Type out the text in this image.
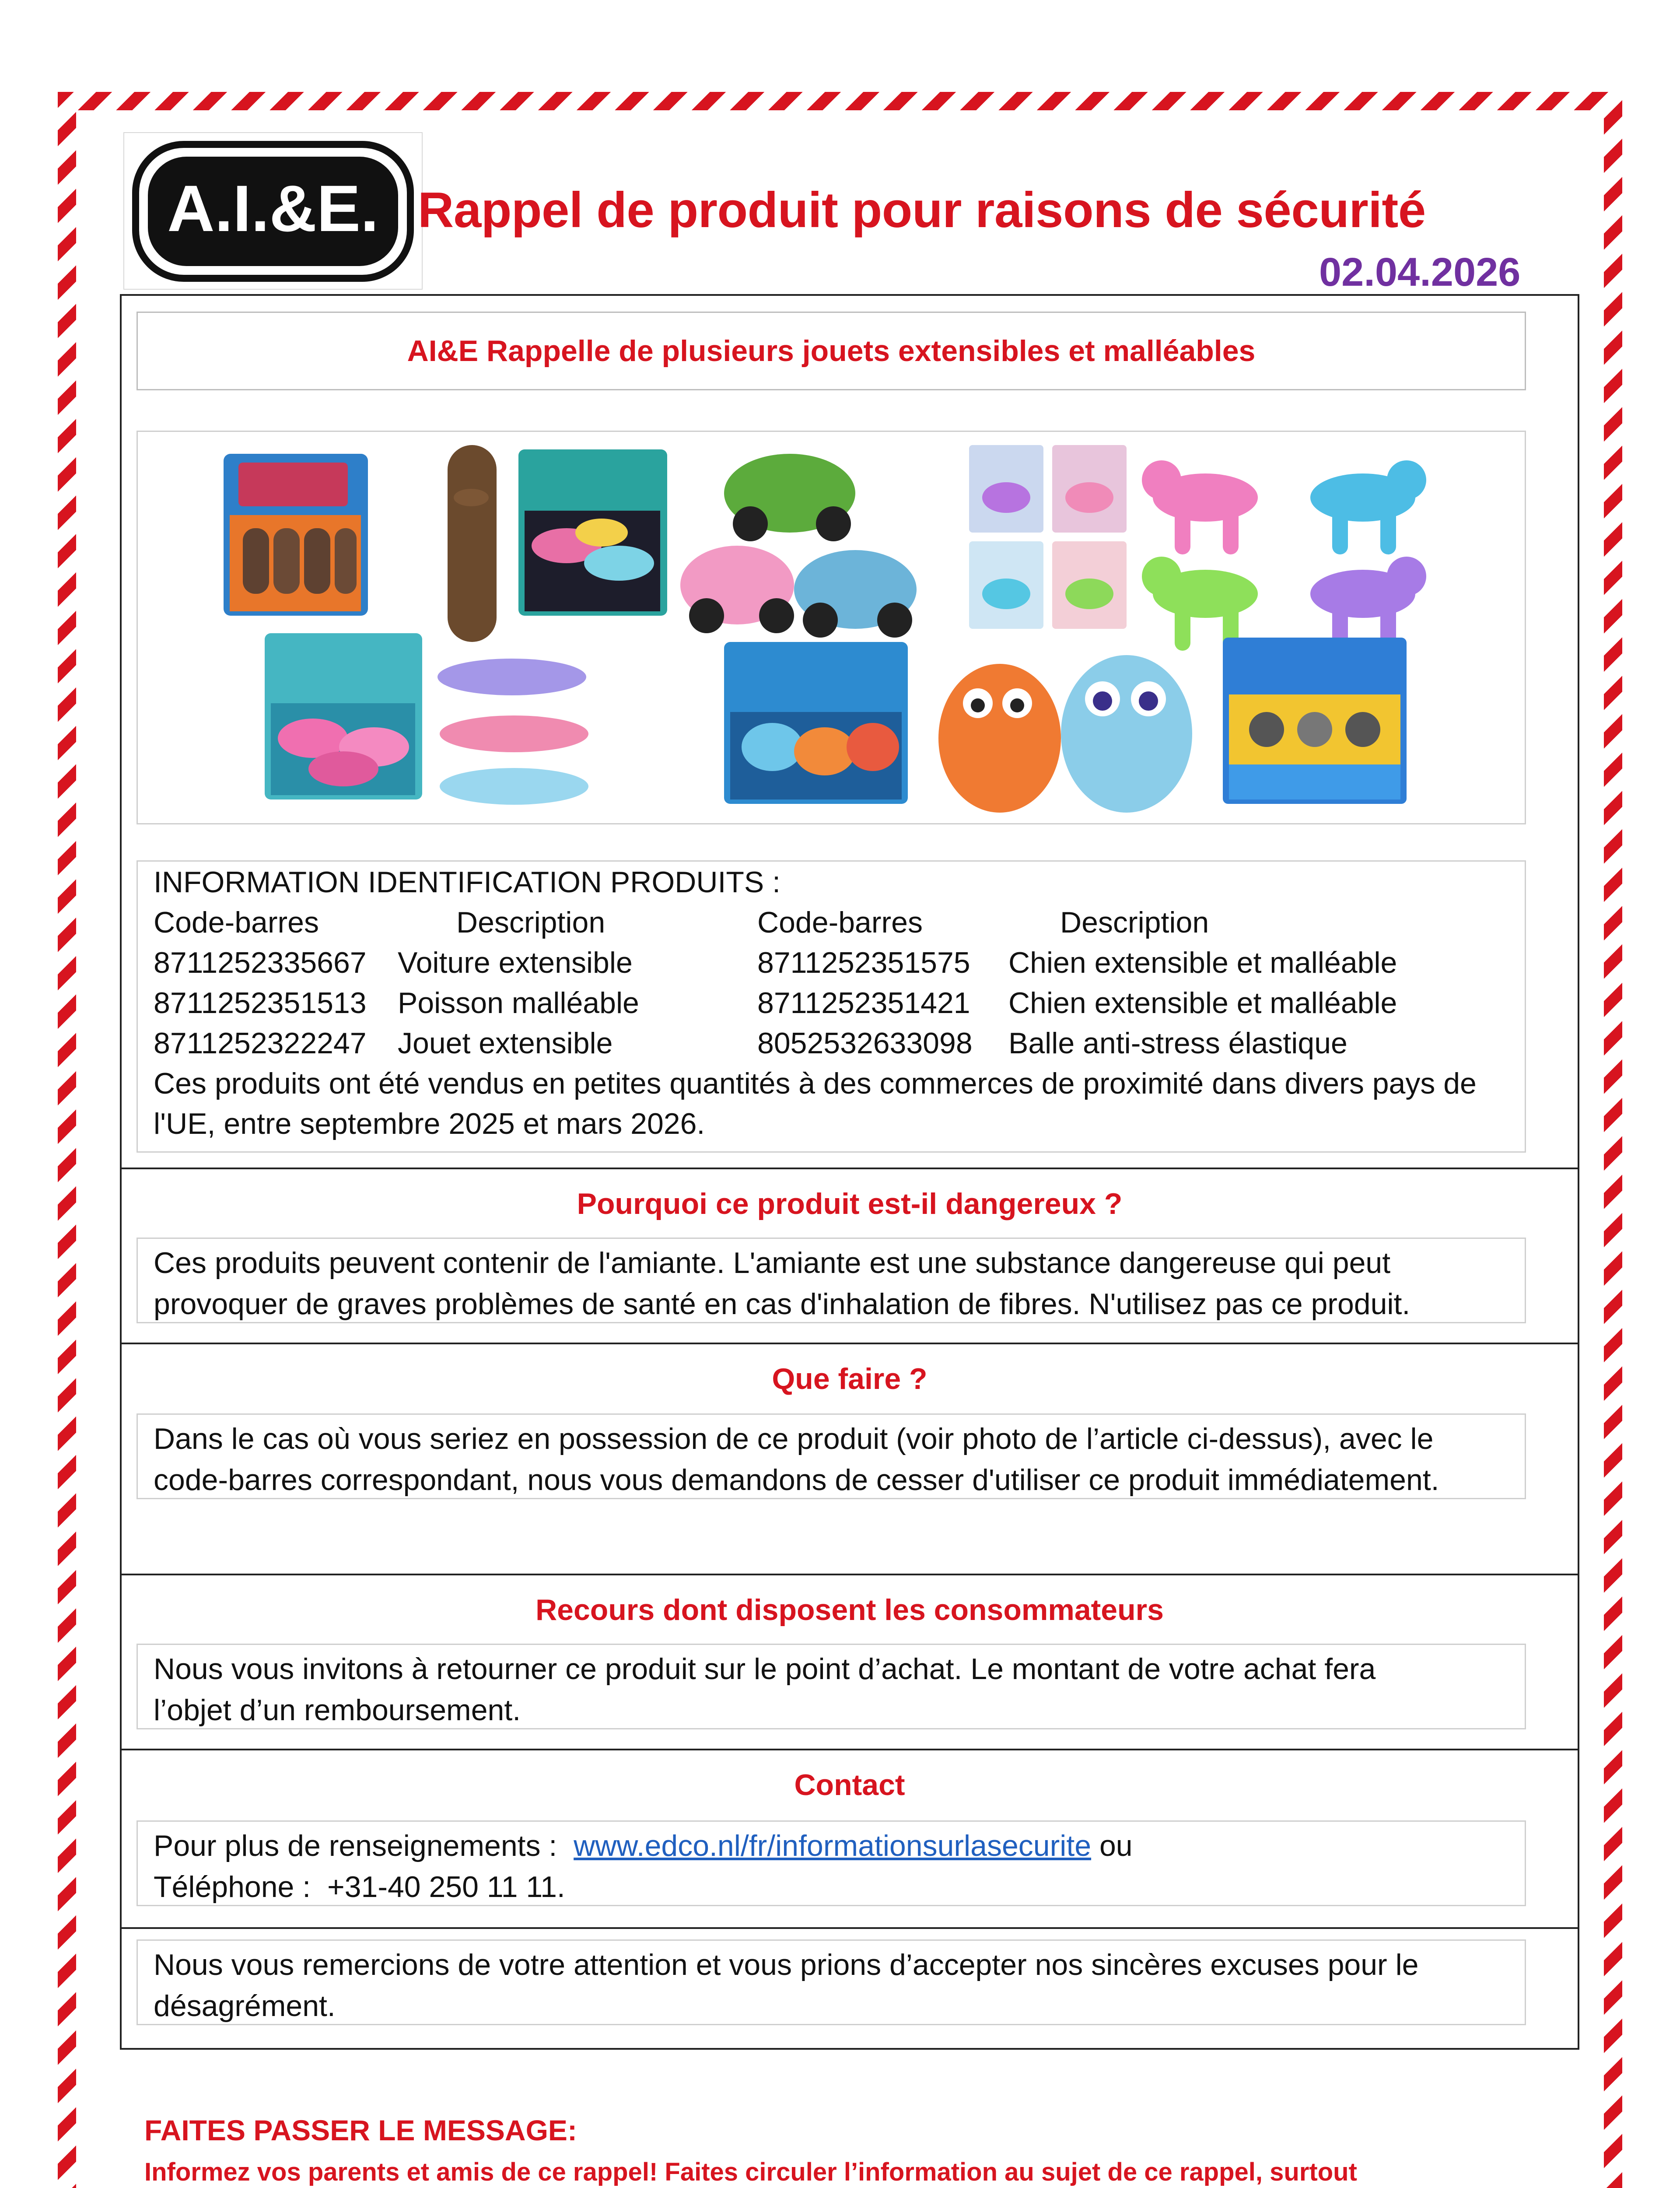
A.I.&E. Rappel de produit pour raisons de sécurité
02.04.2026
AI&E Rappelle de plusieurs jouets extensibles et malléables
INFORMATION IDENTIFICATION PRODUITS :
Code-barres	Description	Code-barres	Description
8711252335667 Voiture extensible	8711252351575 Chien extensible et malléable
8711252351513 Poisson malléable	8711252351421 Chien extensible et malléable
8711252322247 Jouet extensible	8052532633098 Balle anti-stress élastique
Ces produits ont été vendus en petites quantités à des commerces de proximité dans divers pays de
l'UE, entre septembre 2025 et mars 2026.
Pourquoi ce produit est-il dangereux ?
Ces produits peuvent contenir de l'amiante. L'amiante est une substance dangereuse qui peut
provoquer de graves problèmes de santé en cas d'inhalation de fibres. N'utilisez pas ce produit.
Que faire ?
Dans le cas où vous seriez en possession de ce produit (voir photo de l’article ci-dessus), avec le
code-barres correspondant, nous vous demandons de cesser d'utiliser ce produit immédiatement.
Recours dont disposent les consommateurs
Nous vous invitons à retourner ce produit sur le point d’achat. Le montant de votre achat fera
l’objet d’un remboursement.
Contact
Pour plus de renseignements : www.edco.nl/fr/informationsurlasecurite ou
Téléphone : +31-40 250 11 11.
Nous vous remercions de votre attention et vous prions d’accepter nos sincères excuses pour le
désagrément.
FAITES PASSER LE MESSAGE:
Informez vos parents et amis de ce rappel! Faites circuler l’information au sujet de ce rappel, surtout
